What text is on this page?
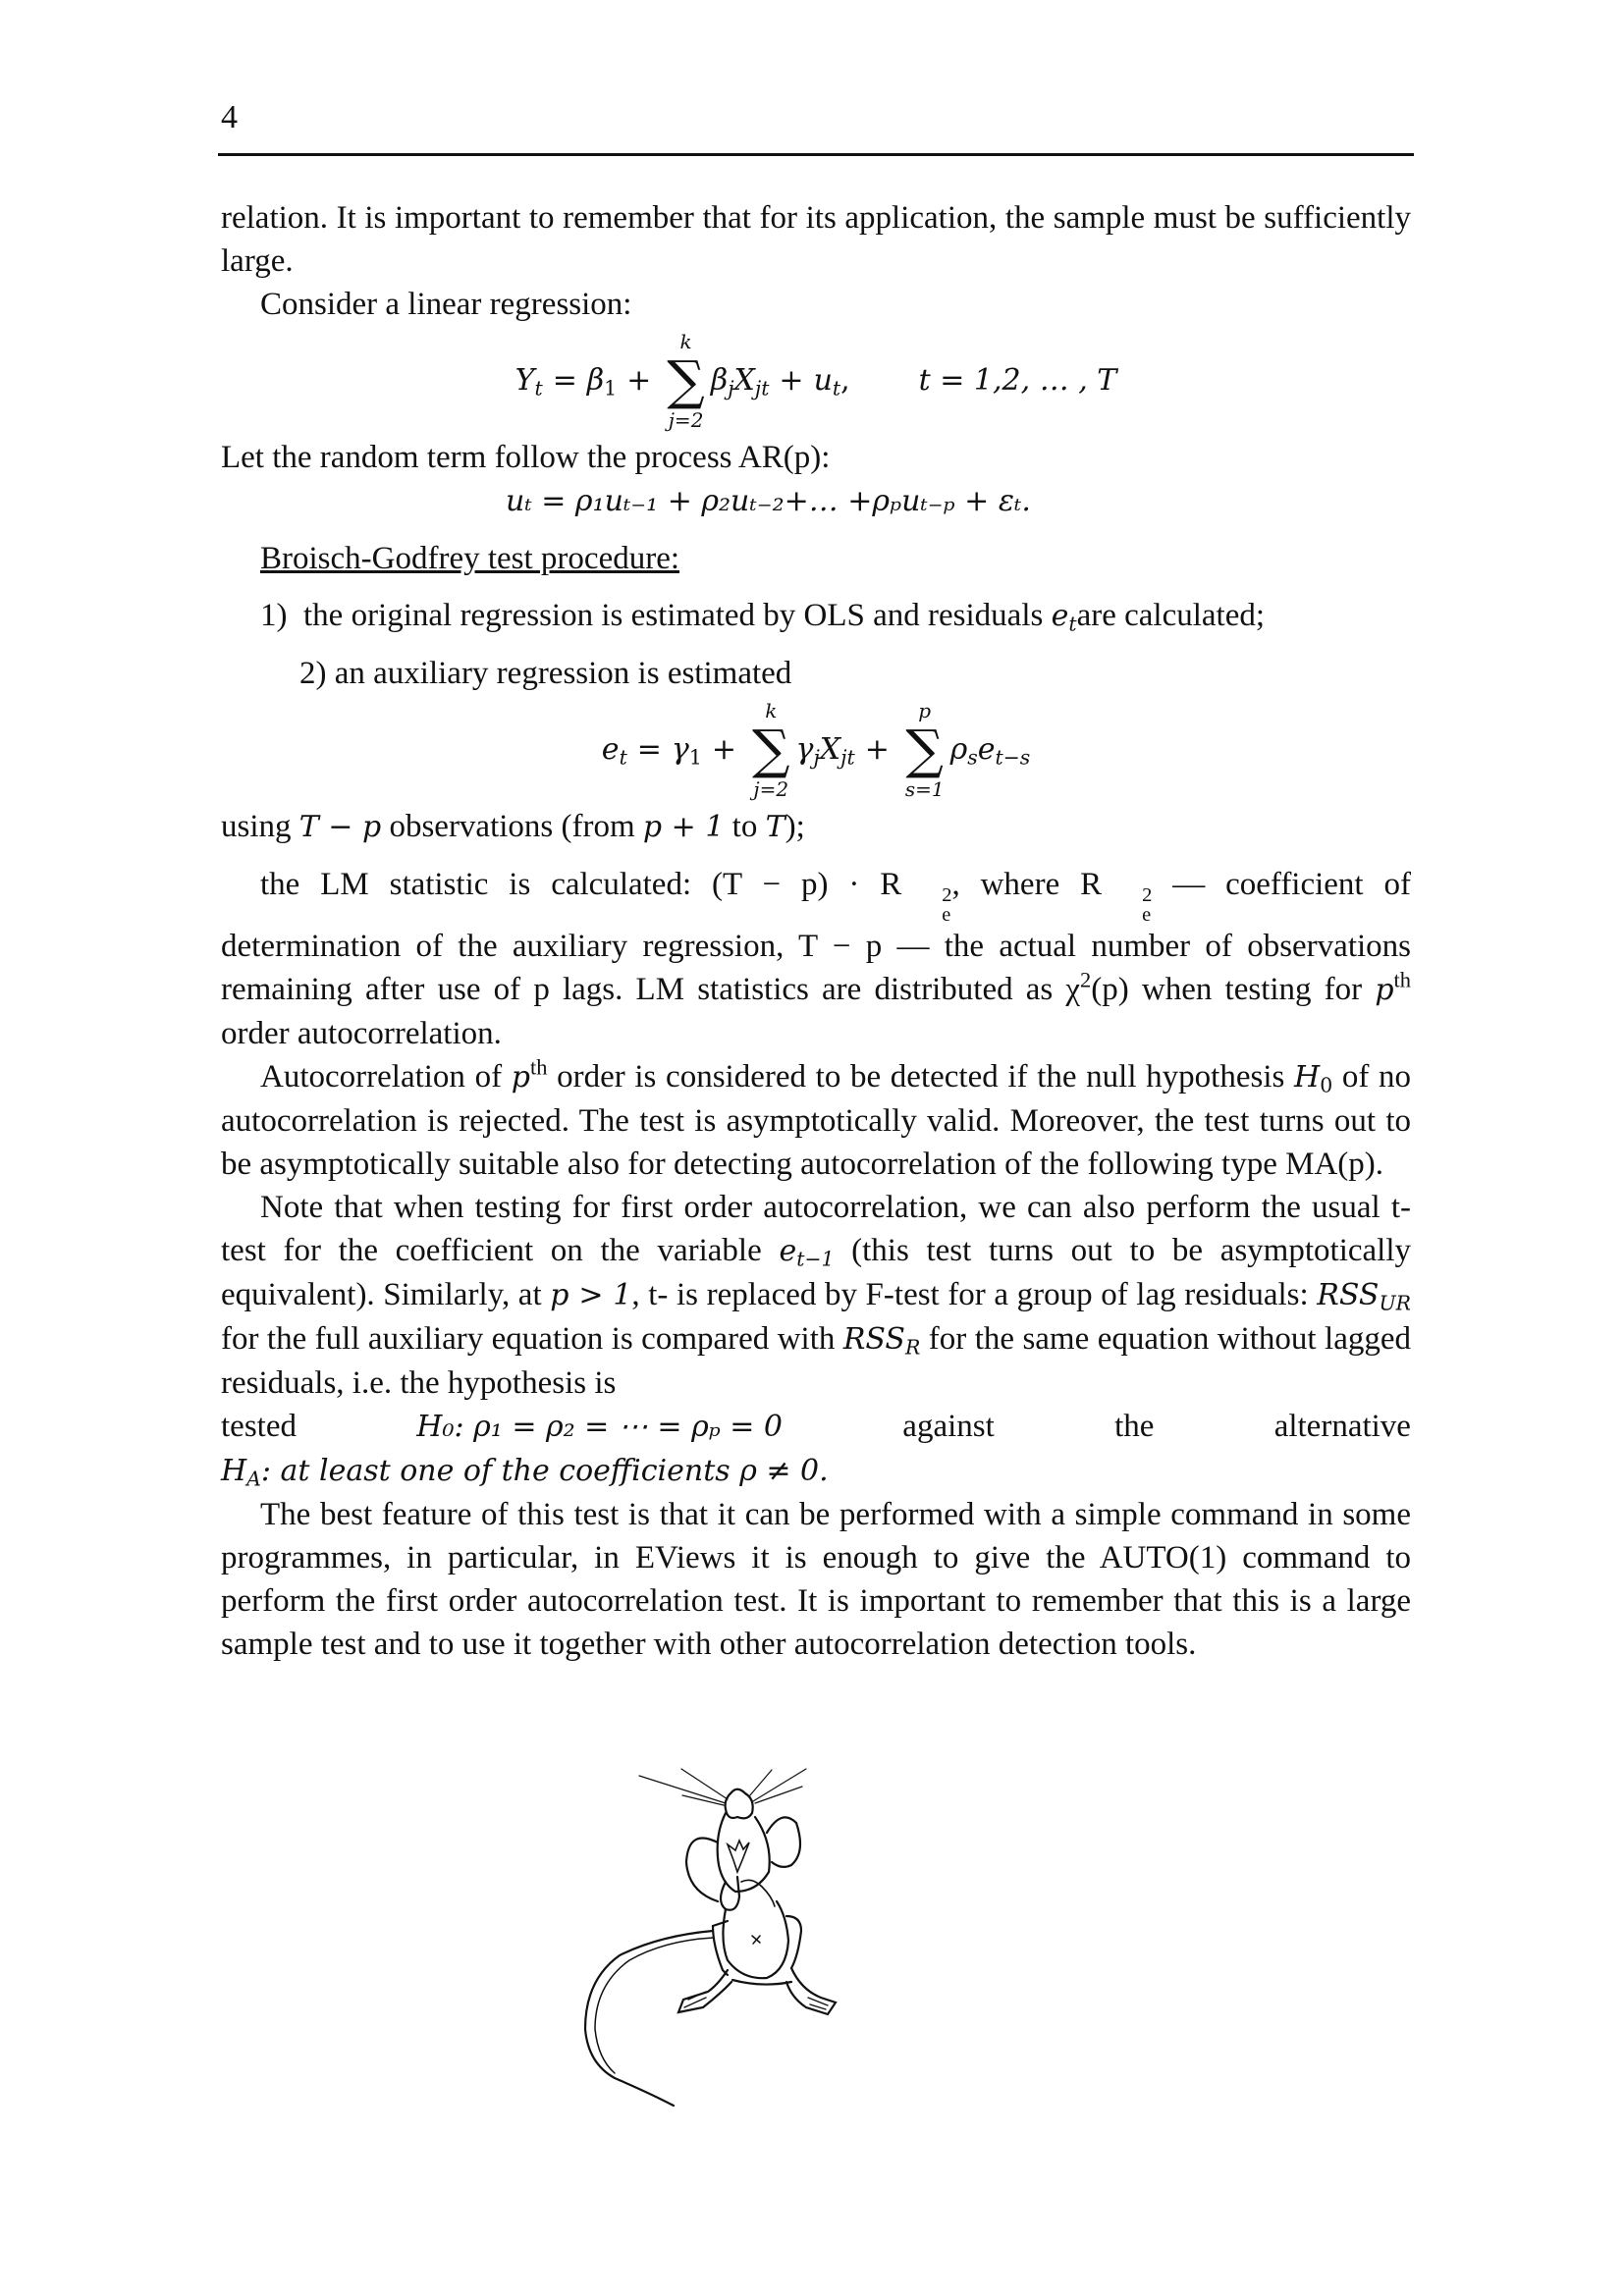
4

relation. It is important to remember that for its application, the sample must be sufficiently large.

Consider a linear regression:

$Y_t = \beta_1$ +
k
∑
j=2
$\beta_jX_{jt} + u_t$, t = 1,2, … , T

Let the random term follow the process AR(p):

uₜ = ρ₁uₜ₋₁ + ρ₂uₜ₋₂+… +ρₚuₜ₋ₚ + εₜ.

Broisch-Godfrey test procedure:

1) the original regression is estimated by OLS and residuals $e_tare$ calculated;

2) an auxiliary regression is estimated

$e_t = \gamma_1$ +
k
∑
j=2
$\gamma_jX_{jt}$ +
p
∑
s=1
$\rho_se_{t-s}$

using T − p observations (from p + 1 to T);

the LM statistic is calculated: (T − p) · R	2
e
, where R	2
e
— coefficient of determination of the auxiliary regression, T − p — the actual number of observations remaining after use of p lags. LM statistics are distributed as $\chi^2(p)$ when testing for $p^{th}$ order autocorrelation.

Autocorrelation of $p^{th}$ order is considered to be detected if the null hypothesis $H_0$ of no autocorrelation is rejected. The test is asymptotically valid. Moreover, the test turns out to be asymptotically suitable also for detecting autocorrelation of the following type MA(p).

Note that when testing for first order autocorrelation, we can also perform the usual t-test for the coefficient on the variable $e_{t-1}$ (this test turns out to be asymptotically equivalent). Similarly, at p > 1, t- is replaced by F-test for a group of lag residuals: $RSS_{UR}$ for the full auxiliary equation is compared with $RSS_R$ for the same equation without lagged residuals, i.e. the hypothesis is

tested	H₀: ρ₁ = ρ₂ = ⋯ = ρₚ = 0	against	the	alternative

$H_A$: at least one of the coefficients ρ ≠ 0.

The best feature of this test is that it can be performed with a simple command in some programmes, in particular, in EViews it is enough to give the AUTO(1) command to perform the first order autocorrelation test. It is important to remember that this is a large sample test and to use it together with other autocorrelation detection tools.
